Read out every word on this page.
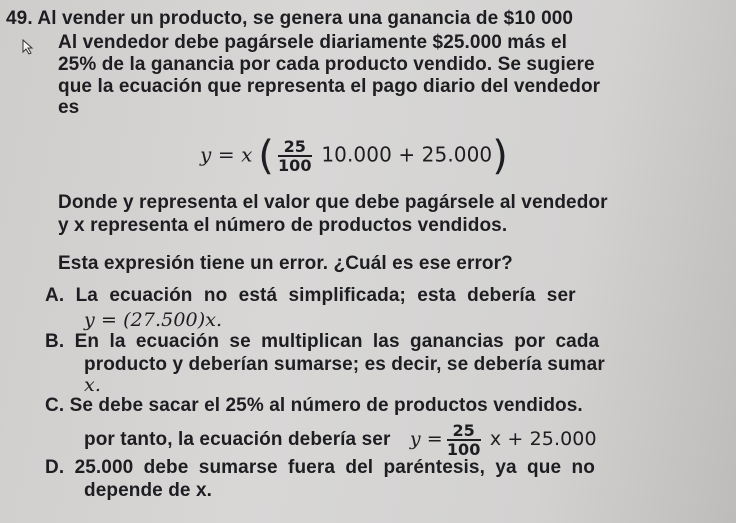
49. Al vender un producto, se genera una ganancia de $10 000
Al vendedor debe pagársele diariamente $25.000 más el
25% de la ganancia por cada producto vendido. Se sugiere
que la ecuación que representa el pago diario del vendedor
es
y = x ( $\frac{25}{100} 10.000 + 25.000$)
Donde y representa el valor que debe pagársele al vendedor
y x representa el número de productos vendidos.
Esta expresión tiene un error. ¿Cuál es ese error?
A. La ecuación no está simplificada; esta debería ser
y = (27.500)x.
B. En la ecuación se multiplican las ganancias por cada
producto y deberían sumarse; es decir, se debería sumar
x.
C. Se debe sacar el 25% al número de productos vendidos.
por tanto, la ecuación debería ser $y = \frac{25}{100}$ x + 25.000
D. 25.000 debe sumarse fuera del paréntesis, ya que no
depende de x.
